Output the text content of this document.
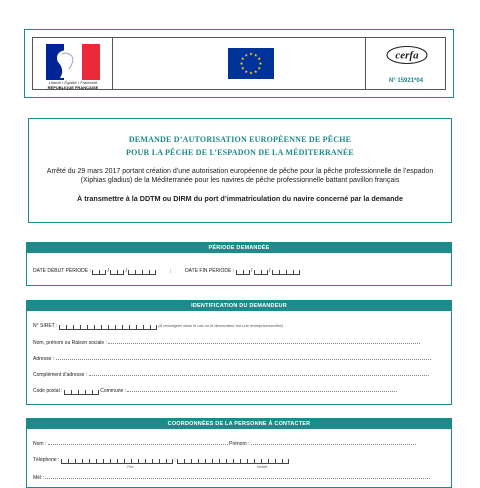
Liberté • Égalité • Fraternité
RÉPUBLIQUE FRANÇAISE
cerfa
N° 15921*04
DEMANDE D’AUTORISATION EUROPÉENNE DE PÊCHE
POUR LA PÊCHE DE L’ESPADON DE LA MÉDITERRANÉE
Arrêté du 29 mars 2017 portant création d’une autorisation européenne de pêche pour la pêche professionnelle de l’espadon (Xiphias gladius) de la Méditerranée pour les navires de pêche professionnelle battant pavillon français
À transmettre à la DDTM ou DIRM du port d’immatriculation du navire concerné par la demande
PÉRIODE DEMANDÉE
DATE DÉBUT PÉRIODE :	/	/	;	DATE FIN PÉRIODE :	/	/
IDENTIFICATION DU DEMANDEUR
N° SIRET :	(À renseigner dans le cas où le demandeur est une entreprise/société)
Nom, prénom ou Raison sociale :
Adresse :
Complément d’adresse :
Code postal :	Commune :
COORDONNÉES DE LA PERSONNE À CONTACTER
Nom :	Prénom :
Téléphone :	;
Fixe	Mobile
Mél :
